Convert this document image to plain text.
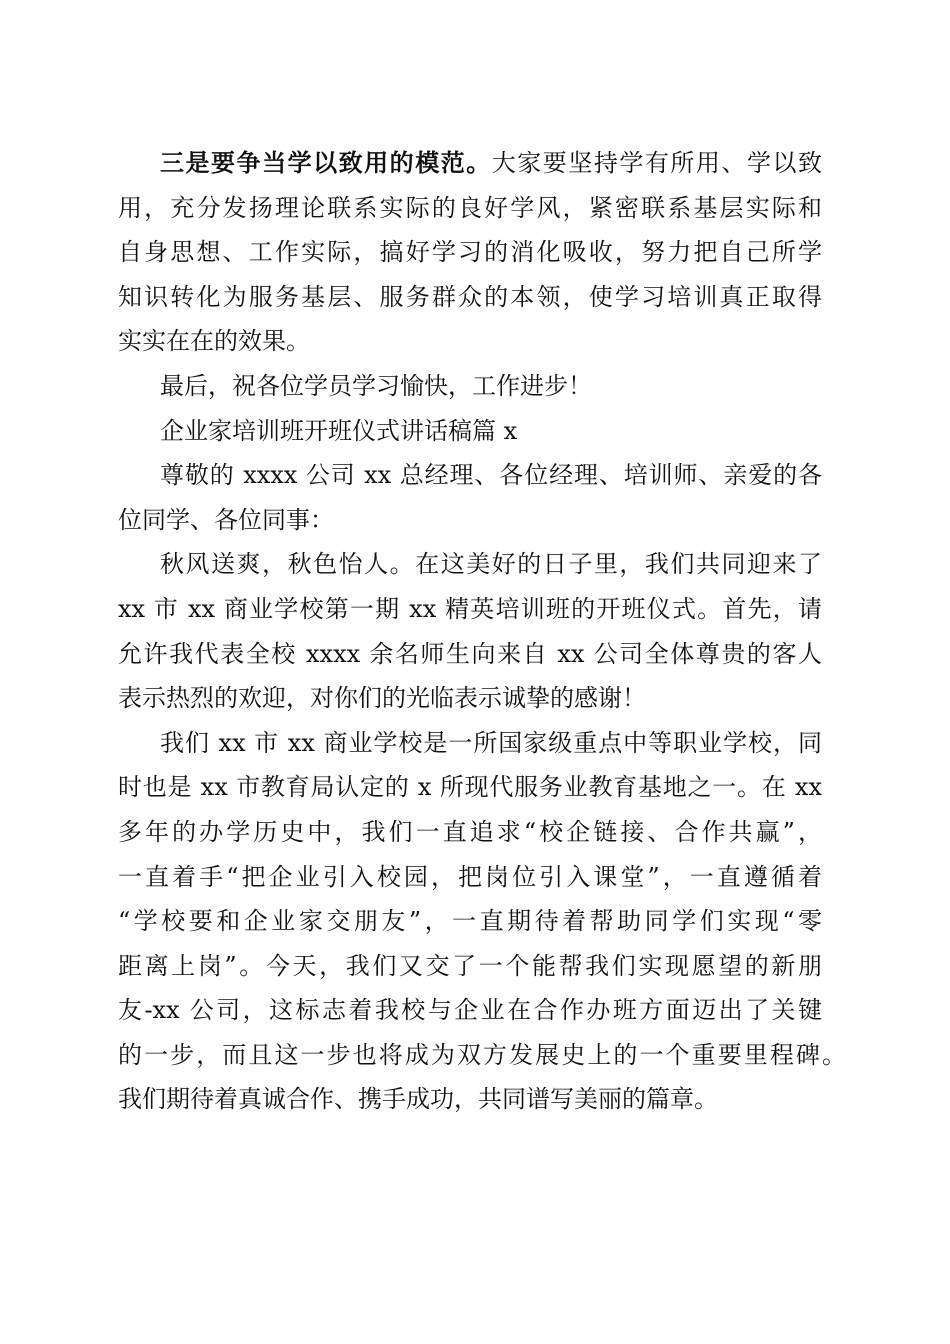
三是要争当学以致用的模范。大家要坚持学有所用、学以致
用，充分发扬理论联系实际的良好学风，紧密联系基层实际和
自身思想、工作实际，搞好学习的消化吸收，努力把自己所学
知识转化为服务基层、服务群众的本领，使学习培训真正取得
实实在在的效果。
最后，祝各位学员学习愉快，工作进步！
企业家培训班开班仪式讲话稿篇 x
尊敬的 xxxx 公司 xx 总经理、各位经理、培训师、亲爱的各
位同学、各位同事：
秋风送爽，秋色怡人。在这美好的日子里，我们共同迎来了
xx 市 xx 商业学校第一期 xx 精英培训班的开班仪式。首先，请
允许我代表全校 xxxx 余名师生向来自 xx 公司全体尊贵的客人
表示热烈的欢迎，对你们的光临表示诚挚的感谢！
我们 xx 市 xx 商业学校是一所国家级重点中等职业学校，同
时也是 xx 市教育局认定的 x 所现代服务业教育基地之一。在 xx
多年的办学历史中，我们一直追求“校企链接、合作共赢”，
一直着手“把企业引入校园，把岗位引入课堂”，一直遵循着
“学校要和企业家交朋友”，一直期待着帮助同学们实现“零
距离上岗”。今天，我们又交了一个能帮我们实现愿望的新朋
友-xx 公司，这标志着我校与企业在合作办班方面迈出了关键
的一步，而且这一步也将成为双方发展史上的一个重要里程碑。
我们期待着真诚合作、携手成功，共同谱写美丽的篇章。
